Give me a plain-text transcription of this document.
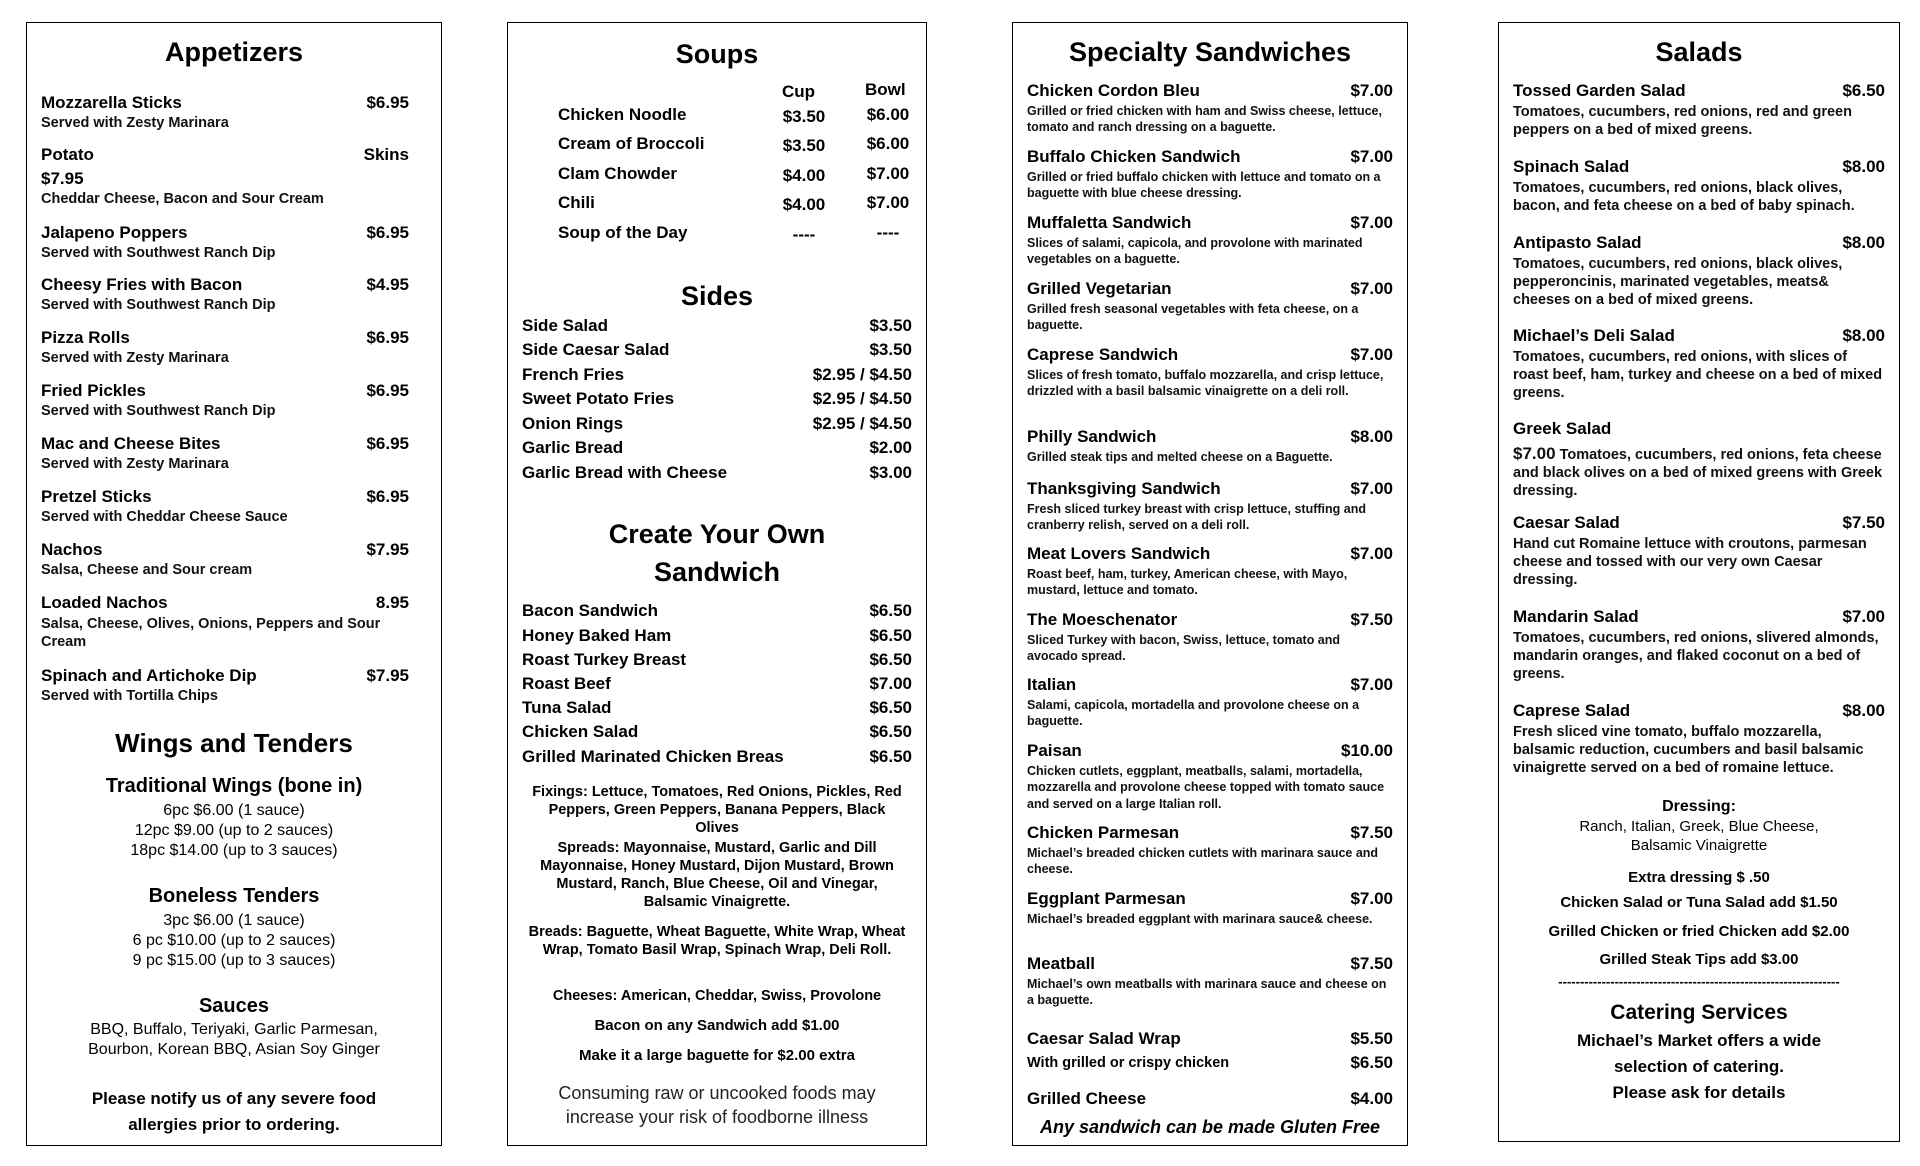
Appetizers
Mozzarella Sticks	$6.95
Served with Zesty Marinara
Potato	Skins
$7.95
Cheddar Cheese, Bacon and Sour Cream
Jalapeno Poppers	$6.95
Served with Southwest Ranch Dip
Cheesy Fries with Bacon	$4.95
Served with Southwest Ranch Dip
Pizza Rolls	$6.95
Served with Zesty Marinara
Fried Pickles	$6.95
Served with Southwest Ranch Dip
Mac and Cheese Bites	$6.95
Served with Zesty Marinara
Pretzel Sticks	$6.95
Served with Cheddar Cheese Sauce
Nachos	$7.95
Salsa, Cheese and Sour cream
Loaded Nachos	8.95
Salsa, Cheese, Olives, Onions, Peppers and Sour Cream
Spinach and Artichoke Dip	$7.95
Served with Tortilla Chips
Wings and Tenders
Traditional Wings (bone in)
6pc $6.00 (1 sauce)
12pc $9.00 (up to 2 sauces)
18pc $14.00 (up to 3 sauces)
Boneless Tenders
3pc $6.00 (1 sauce)
6 pc $10.00 (up to 2 sauces)
9 pc $15.00 (up to 3 sauces)
Sauces
BBQ, Buffalo, Teriyaki, Garlic Parmesan,
Bourbon, Korean BBQ, Asian Soy Ginger
Please notify us of any severe food
allergies prior to ordering.
Soups
Cup	Bowl
Chicken Noodle	$3.50	$6.00
Cream of Broccoli	$3.50	$6.00
Clam Chowder	$4.00	$7.00
Chili	$4.00	$7.00
Soup of the Day	----	----
Sides
Side Salad	$3.50
Side Caesar Salad	$3.50
French Fries	$2.95 / $4.50
Sweet Potato Fries	$2.95 / $4.50
Onion Rings	$2.95 / $4.50
Garlic Bread	$2.00
Garlic Bread with Cheese	$3.00
Create Your Own
Sandwich
Bacon Sandwich	$6.50
Honey Baked Ham	$6.50
Roast Turkey Breast	$6.50
Roast Beef	$7.00
Tuna Salad	$6.50
Chicken Salad	$6.50
Grilled Marinated Chicken Breas	$6.50
Fixings: Lettuce, Tomatoes, Red Onions, Pickles, Red Peppers, Green Peppers, Banana Peppers, Black Olives
Spreads: Mayonnaise, Mustard, Garlic and Dill Mayonnaise, Honey Mustard, Dijon Mustard, Brown Mustard, Ranch, Blue Cheese, Oil and Vinegar, Balsamic Vinaigrette.
Breads: Baguette, Wheat Baguette, White Wrap, Wheat Wrap, Tomato Basil Wrap, Spinach Wrap, Deli Roll.
Cheeses: American, Cheddar, Swiss, Provolone
Bacon on any Sandwich add $1.00
Make it a large baguette for $2.00 extra
Consuming raw or uncooked foods may
increase your risk of foodborne illness
Specialty Sandwiches
Chicken Cordon Bleu	$7.00
Grilled or fried chicken with ham and Swiss cheese, lettuce, tomato and ranch dressing on a baguette.
Buffalo Chicken Sandwich	$7.00
Grilled or fried buffalo chicken with lettuce and tomato on a baguette with blue cheese dressing.
Muffaletta Sandwich	$7.00
Slices of salami, capicola, and provolone with marinated vegetables on a baguette.
Grilled Vegetarian	$7.00
Grilled fresh seasonal vegetables with feta cheese, on a baguette.
Caprese Sandwich	$7.00
Slices of fresh tomato, buffalo mozzarella, and crisp lettuce, drizzled with a basil balsamic vinaigrette on a deli roll.
Philly Sandwich	$8.00
Grilled steak tips and melted cheese on a Baguette.
Thanksgiving Sandwich	$7.00
Fresh sliced turkey breast with crisp lettuce, stuffing and cranberry relish, served on a deli roll.
Meat Lovers Sandwich	$7.00
Roast beef, ham, turkey, American cheese, with Mayo, mustard, lettuce and tomato.
The Moeschenator	$7.50
Sliced Turkey with bacon, Swiss, lettuce, tomato and avocado spread.
Italian	$7.00
Salami, capicola, mortadella and provolone cheese on a baguette.
Paisan	$10.00
Chicken cutlets, eggplant, meatballs, salami, mortadella, mozzarella and provolone cheese topped with tomato sauce and served on a large Italian roll.
Chicken Parmesan	$7.50
Michael’s breaded chicken cutlets with marinara sauce and cheese.
Eggplant Parmesan	$7.00
Michael’s breaded eggplant with marinara sauce& cheese.
Meatball	$7.50
Michael’s own meatballs with marinara sauce and cheese on a baguette.
Caesar Salad Wrap	$5.50
With grilled or crispy chicken	$6.50
Grilled Cheese	$4.00
Any sandwich can be made Gluten Free
Salads
Tossed Garden Salad	$6.50
Tomatoes, cucumbers, red onions, red and green peppers on a bed of mixed greens.
Spinach Salad	$8.00
Tomatoes, cucumbers, red onions, black olives, bacon, and feta cheese on a bed of baby spinach.
Antipasto Salad	$8.00
Tomatoes, cucumbers, red onions, black olives, pepperoncinis, marinated vegetables, meats& cheeses on a bed of mixed greens.
Michael’s Deli Salad	$8.00
Tomatoes, cucumbers, red onions, with slices of roast beef, ham, turkey and cheese on a bed of mixed greens.
Greek Salad
$7.00 Tomatoes, cucumbers, red onions, feta cheese and black olives on a bed of mixed greens with Greek dressing.
Caesar Salad	$7.50
Hand cut Romaine lettuce with croutons, parmesan cheese and tossed with our very own Caesar dressing.
Mandarin Salad	$7.00
Tomatoes, cucumbers, red onions, slivered almonds, mandarin oranges, and flaked coconut on a bed of greens.
Caprese Salad	$8.00
Fresh sliced vine tomato, buffalo mozzarella, balsamic reduction, cucumbers and basil balsamic vinaigrette served on a bed of romaine lettuce.
Dressing:
Ranch, Italian, Greek, Blue Cheese,
Balsamic Vinaigrette
Extra dressing $ .50
Chicken Salad or Tuna Salad add $1.50
Grilled Chicken or fried Chicken add $2.00
Grilled Steak Tips add $3.00
-----------------------------------------------------------------
Catering Services
Michael’s Market offers a wide
selection of catering.
Please ask for details
